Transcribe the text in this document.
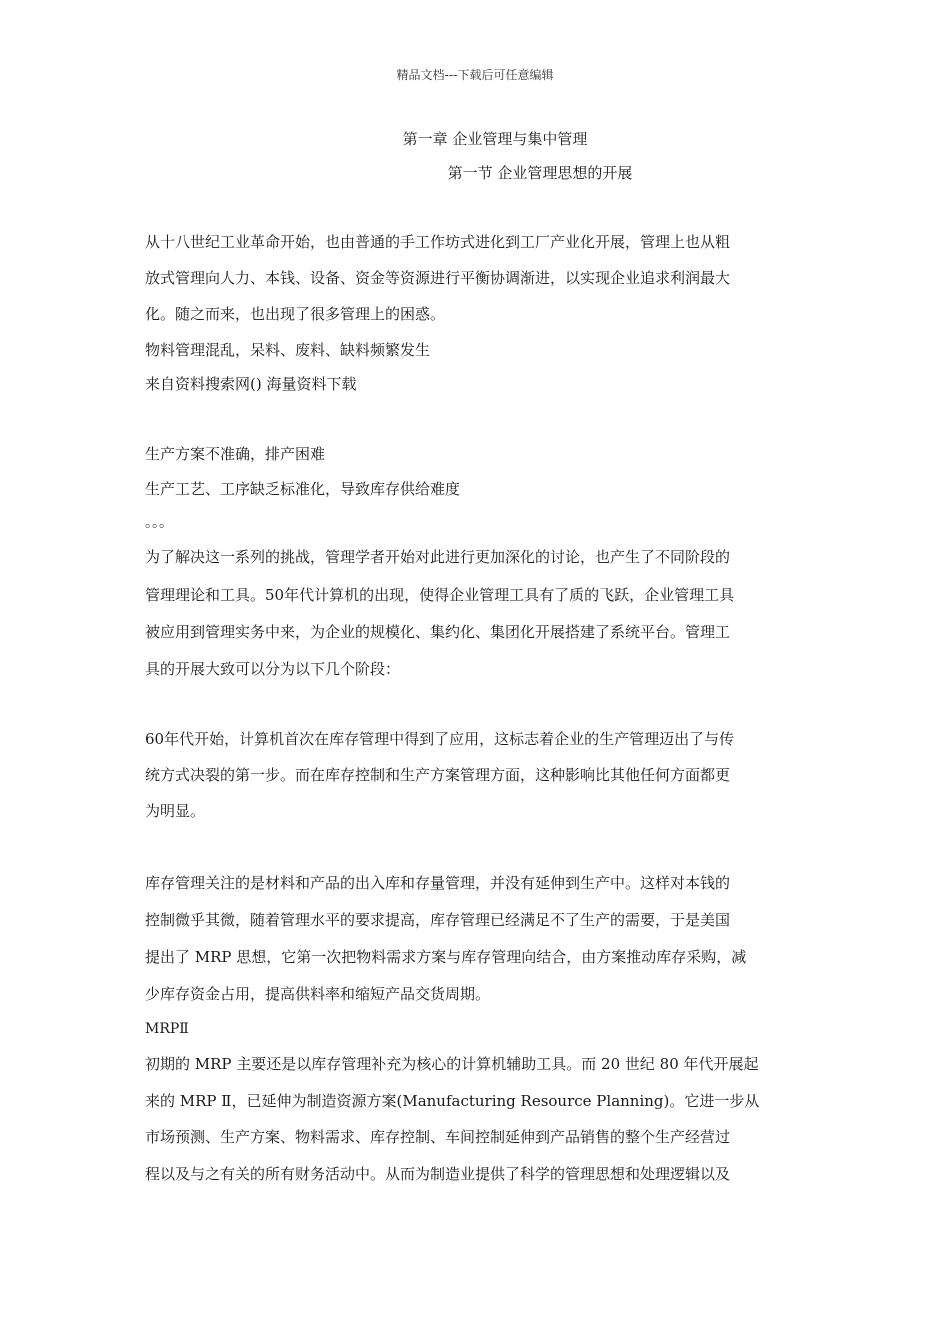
精品文档---下载后可任意编辑
第一章 企业管理与集中管理
第一节 企业管理思想的开展
从十八世纪工业革命开始，也由普通的手工作坊式进化到工厂产业化开展，管理上也从粗
放式管理向人力、本钱、设备、资金等资源进行平衡协调渐进，以实现企业追求利润最大
化。随之而来，也出现了很多管理上的困惑。
物料管理混乱，呆料、废料、缺料频繁发生
来自资料搜索网() 海量资料下载
生产方案不准确，排产困难
生产工艺、工序缺乏标准化，导致库存供给难度
。。。
为了解决这一系列的挑战，管理学者开始对此进行更加深化的讨论，也产生了不同阶段的
管理理论和工具。50年代计算机的出现，使得企业管理工具有了质的飞跃，企业管理工具
被应用到管理实务中来，为企业的规模化、集约化、集团化开展搭建了系统平台。管理工
具的开展大致可以分为以下几个阶段：
60年代开始，计算机首次在库存管理中得到了应用，这标志着企业的生产管理迈出了与传
统方式决裂的第一步。而在库存控制和生产方案管理方面，这种影响比其他任何方面都更
为明显。
库存管理关注的是材料和产品的出入库和存量管理，并没有延伸到生产中。这样对本钱的
控制微乎其微，随着管理水平的要求提高，库存管理已经满足不了生产的需要，于是美国
提出了 MRP 思想，它第一次把物料需求方案与库存管理向结合，由方案推动库存采购，减
少库存资金占用，提高供料率和缩短产品交货周期。
MRPⅡ
初期的 MRP 主要还是以库存管理补充为核心的计算机辅助工具。而 20 世纪 80 年代开展起
来的 MRP Ⅱ，已延伸为制造资源方案(Manufacturing Resource Planning)。它进一步从
市场预测、生产方案、物料需求、库存控制、车间控制延伸到产品销售的整个生产经营过
程以及与之有关的所有财务活动中。从而为制造业提供了科学的管理思想和处理逻辑以及
